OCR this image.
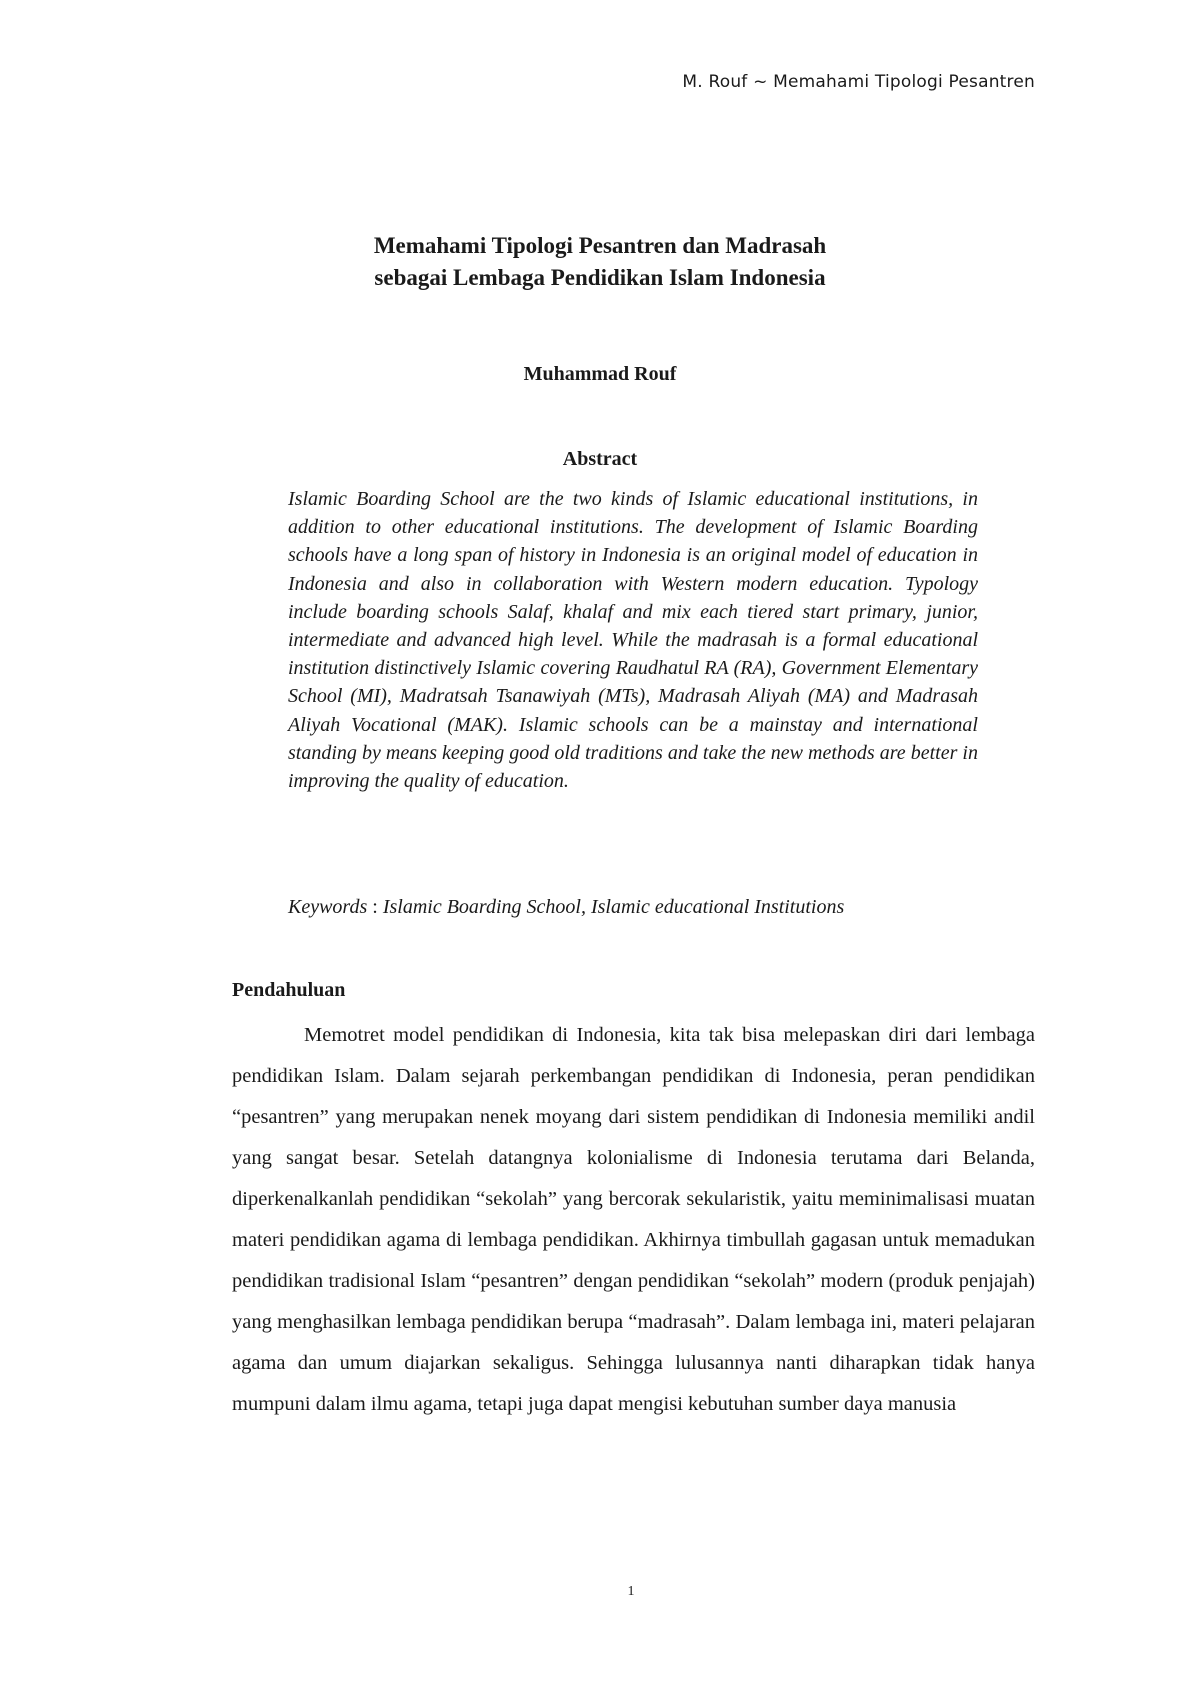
M. Rouf ~ Memahami Tipologi Pesantren
Memahami Tipologi Pesantren dan Madrasah
sebagai Lembaga Pendidikan Islam Indonesia
Muhammad Rouf
Abstract
Islamic Boarding School are the two kinds of Islamic educational institutions, in addition to other educational institutions. The development of Islamic Boarding schools have a long span of history in Indonesia is an original model of education in Indonesia and also in collaboration with Western modern education. Typology include boarding schools Salaf, khalaf and mix each tiered start primary, junior, intermediate and advanced high level. While the madrasah is a formal educational institution distinctively Islamic covering Raudhatul RA (RA), Government Elementary School (MI), Madratsah Tsanawiyah (MTs), Madrasah Aliyah (MA) and Madrasah Aliyah Vocational (MAK). Islamic schools can be a mainstay and international standing by means keeping good old traditions and take the new methods are better in improving the quality of education.
Keywords : Islamic Boarding School, Islamic educational Institutions
Pendahuluan

Memotret model pendidikan di Indonesia, kita tak bisa melepaskan diri dari lembaga pendidikan Islam. Dalam sejarah perkembangan pendidikan di Indonesia, peran pendidikan “pesantren” yang merupakan nenek moyang dari sistem pendidikan di Indonesia memiliki andil yang sangat besar. Setelah datangnya kolonialisme di Indonesia terutama dari Belanda, diperkenalkanlah pendidikan “sekolah” yang bercorak sekularistik, yaitu meminimalisasi muatan materi pendidikan agama di lembaga pendidikan. Akhirnya timbullah gagasan untuk memadukan pendidikan tradisional Islam “pesantren” dengan pendidikan “sekolah” modern (produk penjajah) yang menghasilkan lembaga pendidikan berupa “madrasah”. Dalam lembaga ini, materi pelajaran agama dan umum diajarkan sekaligus. Sehingga lulusannya nanti diharapkan tidak hanya mumpuni dalam ilmu agama, tetapi juga dapat mengisi kebutuhan sumber daya manusia

1
